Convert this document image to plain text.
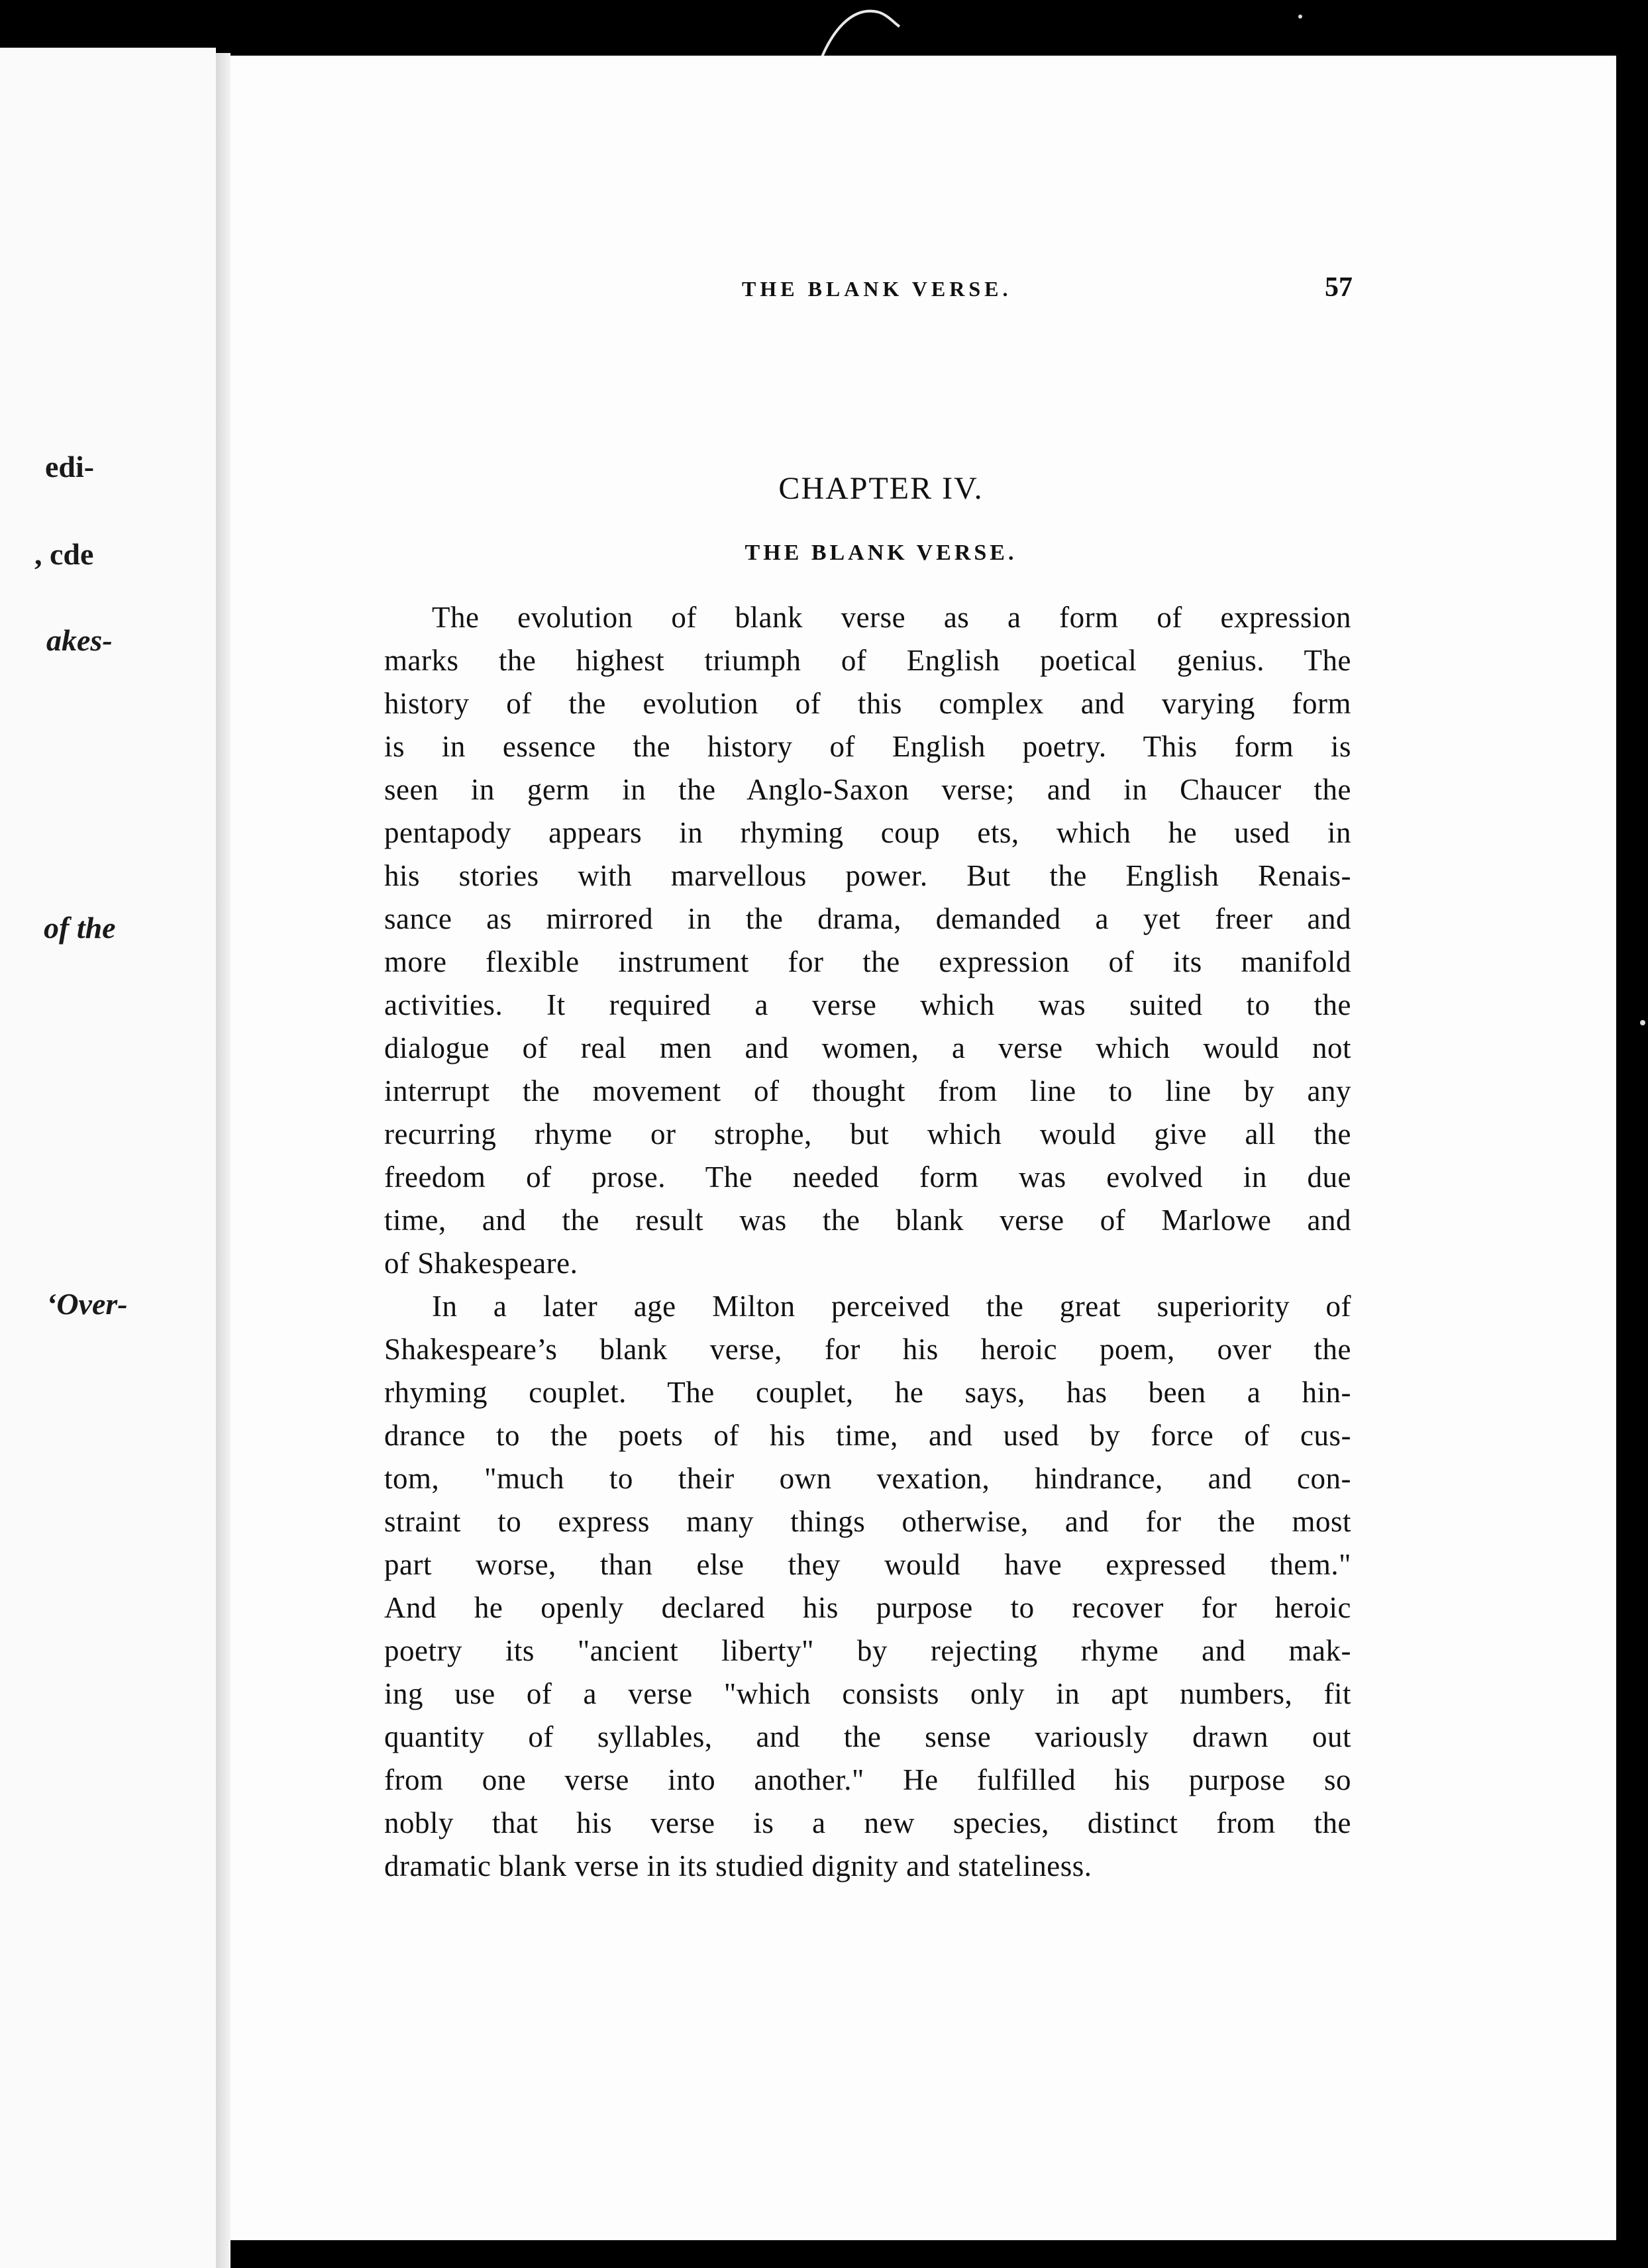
edi-
, cde
akes-
of the
‘Over-
THE BLANK VERSE.	57
CHAPTER IV.
THE BLANK VERSE.
The evolution of blank verse as a form of expression
marks the highest triumph of English poetical genius. The
history of the evolution of this complex and varying form
is in essence the history of English poetry. This form is
seen in germ in the Anglo-Saxon verse; and in Chaucer the
pentapody appears in rhyming coup ets, which he used in
his stories with marvellous power. But the English Renais-
sance as mirrored in the drama, demanded a yet freer and
more flexible instrument for the expression of its manifold
activities. It required a verse which was suited to the
dialogue of real men and women, a verse which would not
interrupt the movement of thought from line to line by any
recurring rhyme or strophe, but which would give all the
freedom of prose. The needed form was evolved in due
time, and the result was the blank verse of Marlowe and
of Shakespeare.
In a later age Milton perceived the great superiority of
Shakespeare’s blank verse, for his heroic poem, over the
rhyming couplet. The couplet, he says, has been a hin-
drance to the poets of his time, and used by force of cus-
tom, "much to their own vexation, hindrance, and con-
straint to express many things otherwise, and for the most
part worse, than else they would have expressed them."
And he openly declared his purpose to recover for heroic
poetry its "ancient liberty" by rejecting rhyme and mak-
ing use of a verse "which consists only in apt numbers, fit
quantity of syllables, and the sense variously drawn out
from one verse into another." He fulfilled his purpose so
nobly that his verse is a new species, distinct from the
dramatic blank verse in its studied dignity and stateliness.
